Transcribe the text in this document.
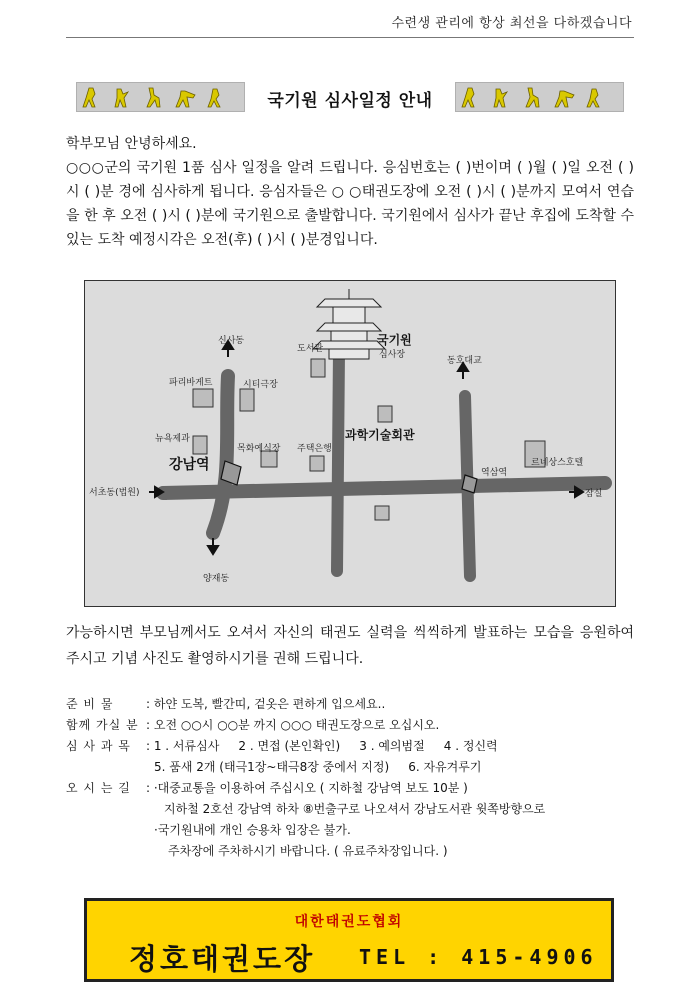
수련생 관리에 항상 최선을 다하겠습니다
국기원 심사일정 안내

학부모님 안녕하세요.

○○○군의 국기원 1품 심사 일정을 알려 드립니다. 응심번호는 ( )번이며 ( )월 ( )일 오전 ( )시 ( )분 경에 심사하게 됩니다. 응심자들은 ○ ○태권도장에 오전 ( )시 ( )분까지 모여서 연습을 한 후 오전 ( )시 ( )분에 국기원으로 출발합니다. 국기원에서 심사가 끝난 후집에 도착할 수 있는 도착 예정시각은 오전(후) ( )시 ( )분경입니다.

신사동	국기원
심사장
도서관
동호대교
파리바게트	시티극장
뉴욕제과
목화예식장 주택은행
과학기술회관
강남역	역삼역
르네상스호텔
서초동(법원)	잠실
양재동

가능하시면 부모님께서도 오셔서 자신의 태권도 실력을 씩씩하게 발표하는 모습을 응원하여 주시고 기념 사진도 촬영하시기를 권해 드립니다.

준 비 물	: 하얀 도복, 빨간띠, 겉옷은 편하게 입으세요..
함께 가실 분 : 오전 ○○시 ○○분 까지 ○○○ 태권도장으로 오십시오.
심 사 과 목	: 1 . 서류심사     2 . 면접 (본인확인)     3 . 예의범절     4 . 정신력
5. 품새 2개 (태극1장~태극8장 중에서 지정)     6. 자유겨루기
오 시 는 길	: ·대중교통을 이용하여 주십시오 ( 지하철 강남역 보도 10분 )
지하철 2호선 강남역 하차 ⑧번출구로 나오셔서 강남도서관 윗쪽방향으로
·국기원내에 개인 승용차 입장은 불가.
주차장에 주차하시기 바랍니다. ( 유료주차장입니다. )
대한태권도협회
정호태권도장 TEL : 415-4906
